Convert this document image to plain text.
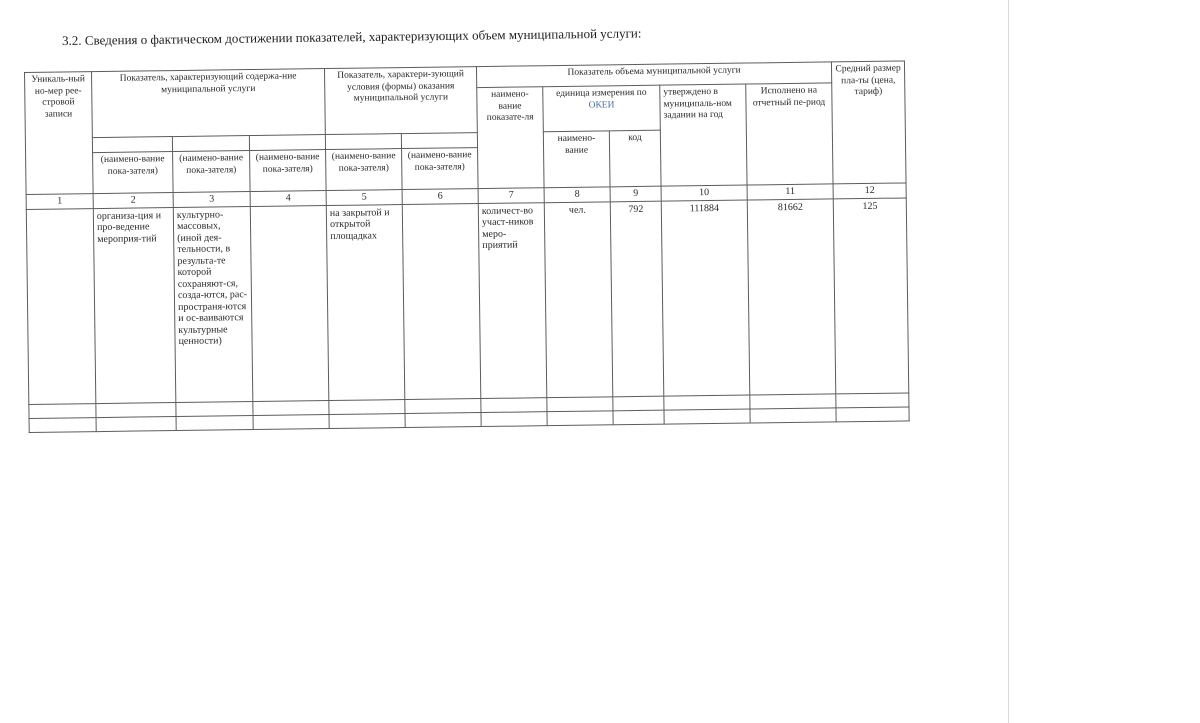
3.2. Сведения о фактическом достижении показателей, характеризующих объем муниципальной услуги:
Уникаль-ный но-мер рее-стровой записи	Показатель, характеризующий содержа-ние муниципальной услуги			Показатель, характери-зующий условия (формы) оказания муниципальной услуги		Показатель объема муниципальной услуги					Средний размер пла-ты (цена, тариф)
						наимено-вание показате-ля	единица измерения по ОКЕИ		утверждено в муниципаль-ном задании на год	Исполнено на отчетный пе-риод	
							наимено-вание	код			
	(наимено-вание пока-зателя)	(наимено-вание пока-зателя)	(наимено-вание пока-зателя)	(наимено-вание пока-зателя)	(наимено-вание пока-зателя)						
1	2	3	4	5	6	7	8	9	10	11	12
	организа-ция и про-ведение мероприя-тий	культурно-массовых, (иной дея-тельности, в результа-те которой сохраняют-ся, созда-ются, рас-пространя-ются и ос-ваиваются культурные ценности)		на закрытой и открытой площадках		количест-во участ-ников меро-приятий	чел.	792	111884	81662	125
